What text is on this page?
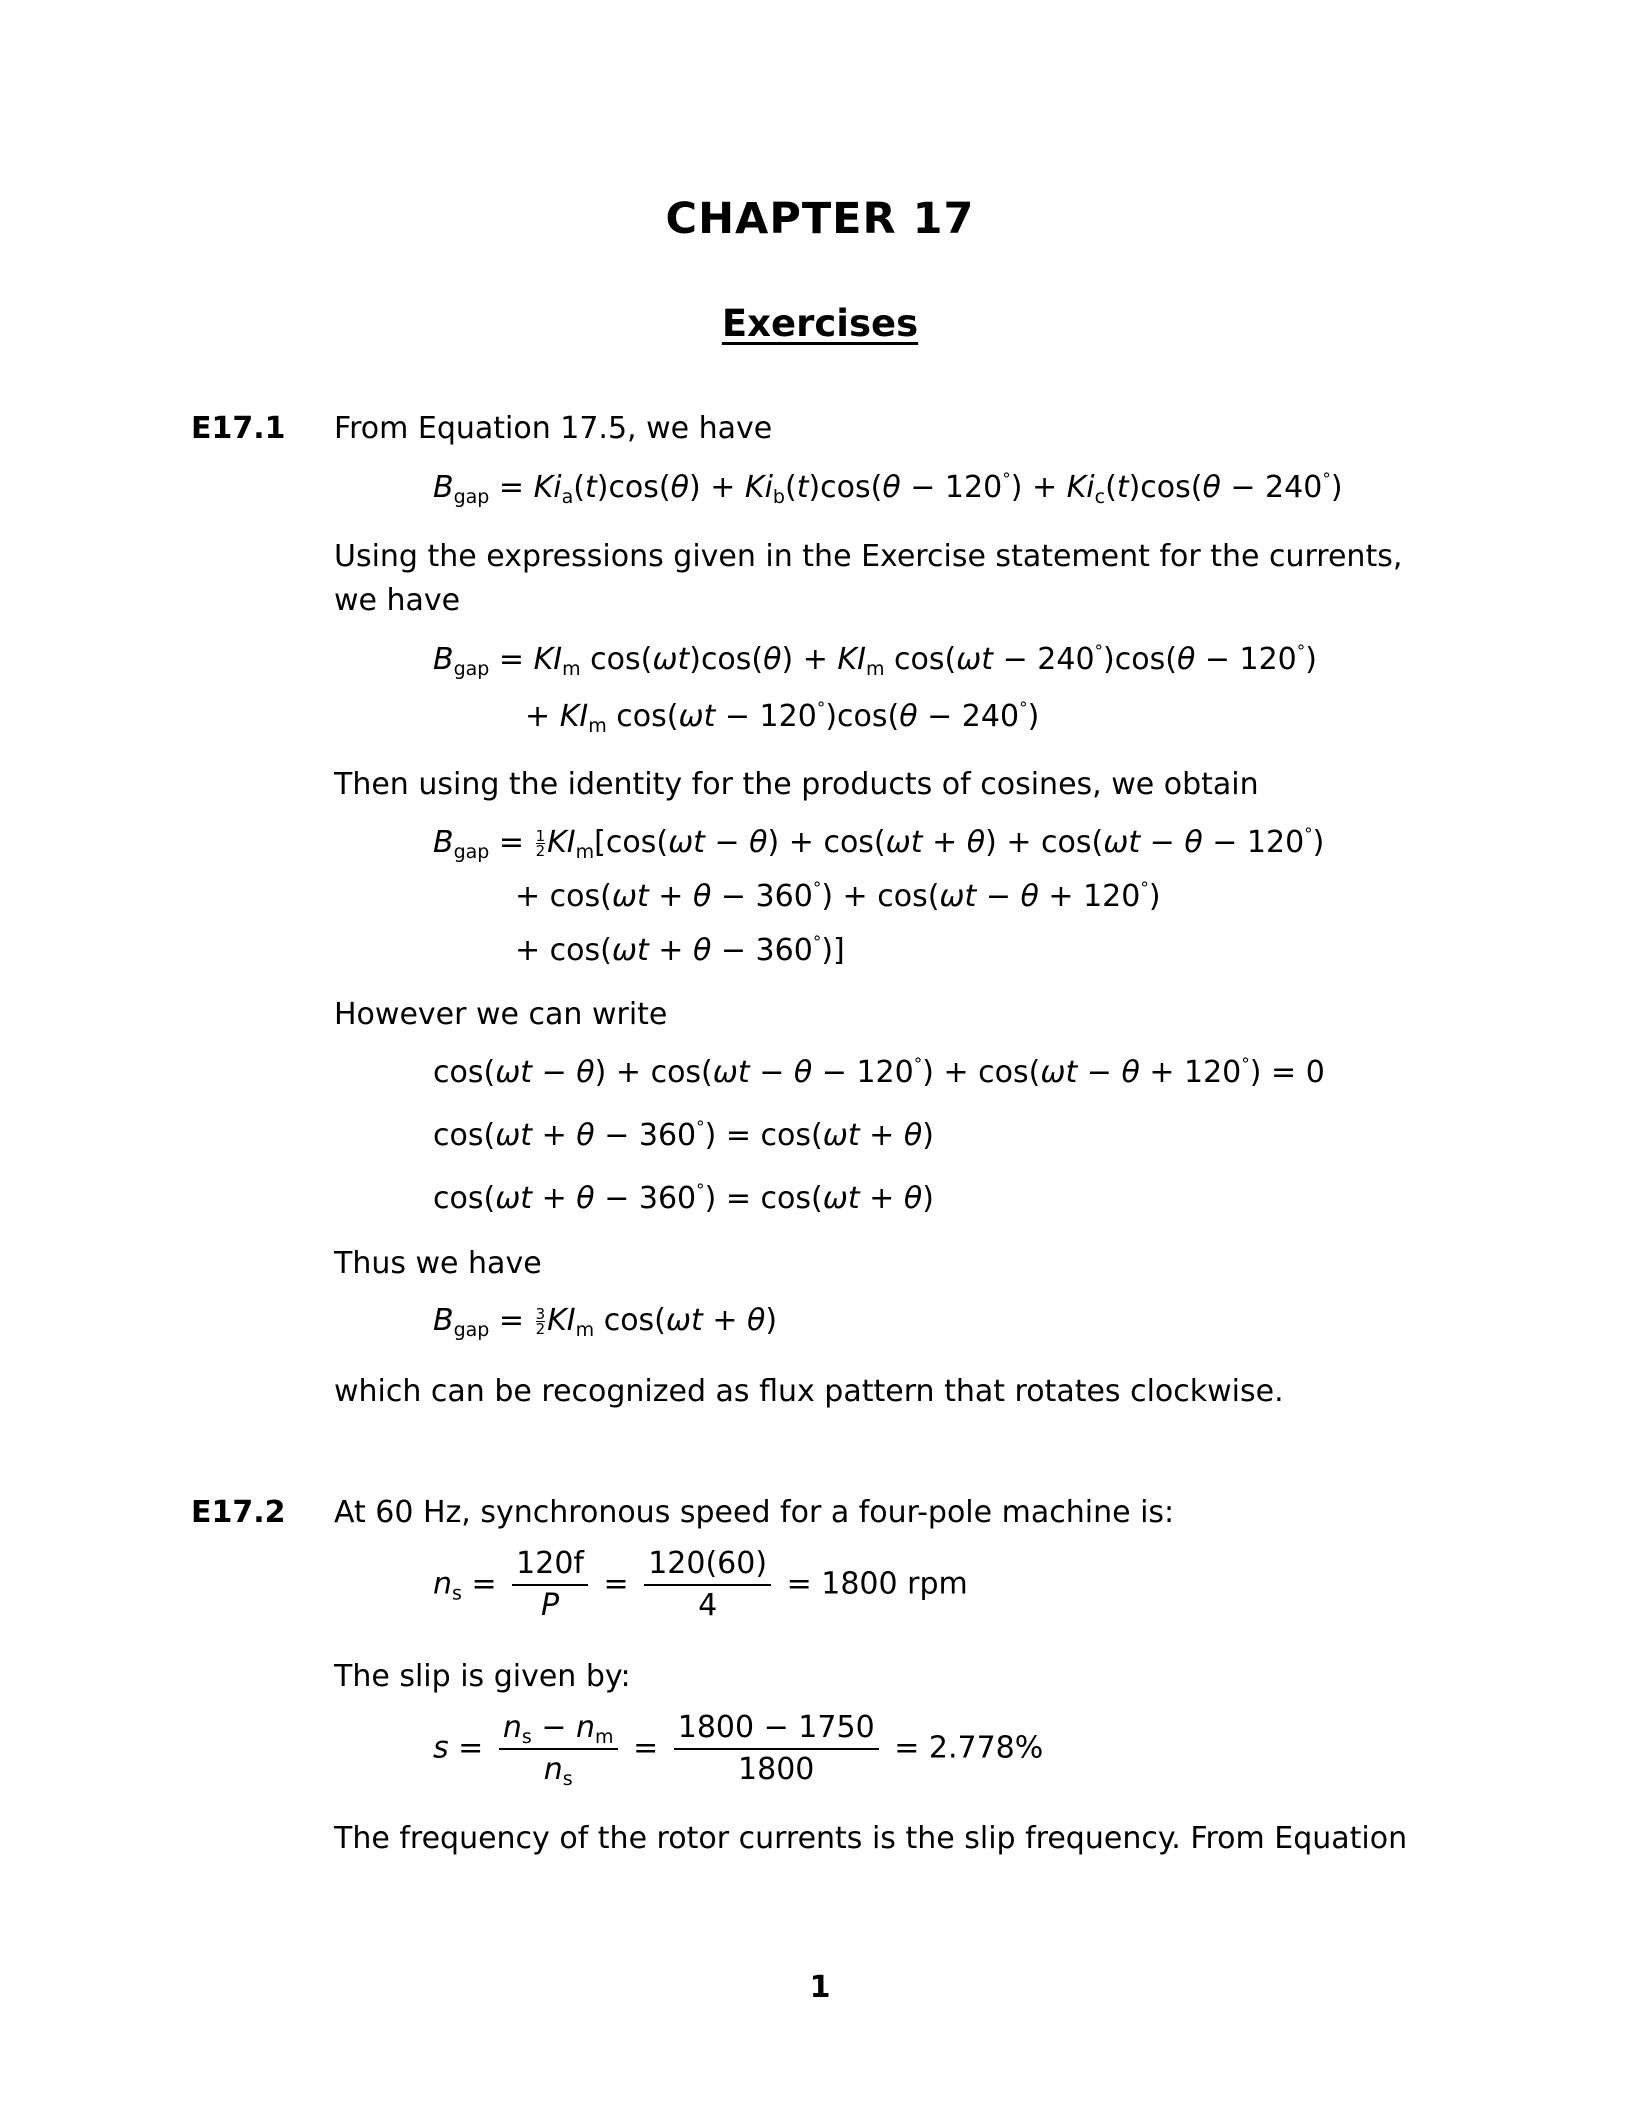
CHAPTER 17
Exercises
E17.1 From Equation 17.5, we have
$B_{gap} = Ki_a(t)\cos(\theta) + Ki_b(t)\cos(\theta - 120^\circ) + Ki_c(t)\cos(\theta - 240^\circ)$
Using the expressions given in the Exercise statement for the currents,
we have
$B_{gap} = KI_m$ $\cos(\omega t)\cos(\theta) + KI_m$ cos(ωt − 240°)cos(θ − 120°)
+ $KI_m$ cos(ωt − 120°)cos(θ − 240°)
Then using the identity for the products of cosines, we obtain
$B_{gap} = \frac{1}{2} KI_m[\cos(\omega t - \theta) + \cos(\omega t + \theta) + \cos(\omega t - \theta - 120^\circ)$
+ cos(ωt + θ − 360°) + cos(ωt − θ + 120°)
+ cos(ωt + θ − 360°)]
However we can write
cos(ωt − θ) + cos(ωt − θ − 120°) + cos(ωt − θ + 120°) = 0
cos(ωt + θ − 360°) = cos(ωt + θ)
cos(ωt + θ − 360°) = cos(ωt + θ)
Thus we have
$B_{gap} = \frac{3}{2} KI_m$ cos(ωt + θ)
which can be recognized as flux pattern that rotates clockwise.
E17.2 At 60 Hz, synchronous speed for a four-pole machine is:
$n_s = \frac{120f}{P} = \frac{120(60)}{4} = 1800$ rpm
The slip is given by:
$s = \frac{n_s - n_m}{n_s} = \frac{1800 - 1750}{1800} = 2.778\%$
The frequency of the rotor currents is the slip frequency. From Equation
1
